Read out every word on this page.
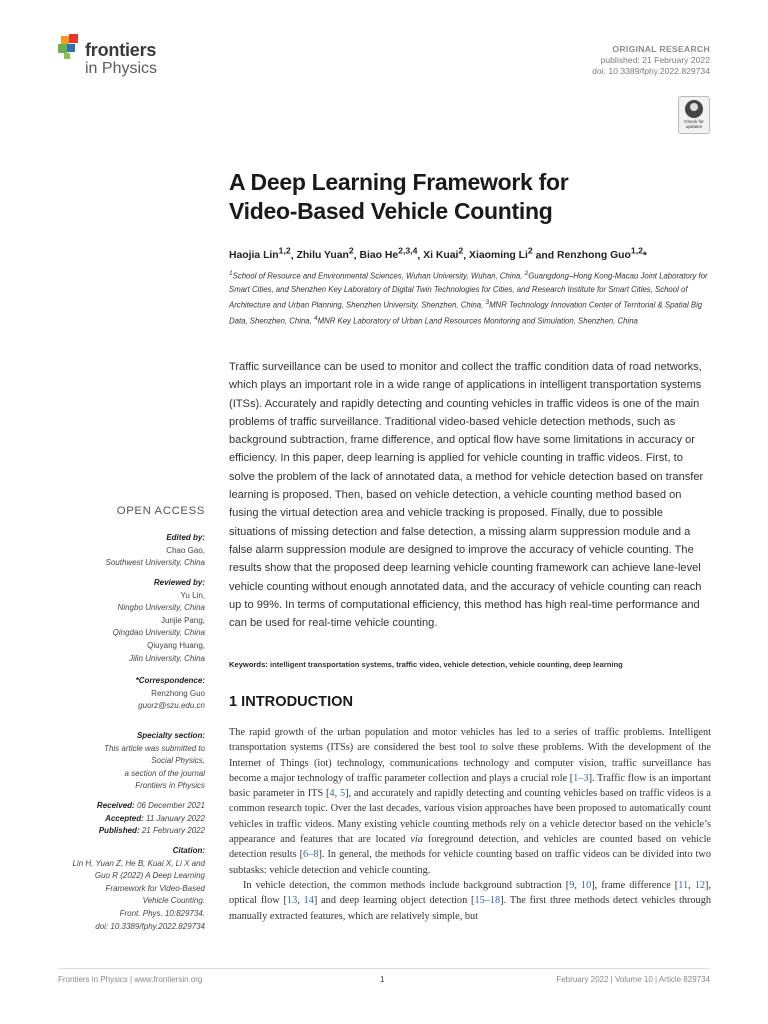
frontiers
in Physics
ORIGINAL RESEARCH
published: 21 February 2022
doi: 10.3389/fphy.2022.829734
Check for
updates
A Deep Learning Framework for
Video-Based Vehicle Counting
Haojia Lin$^{1,2}$, Zhilu Yuan$^2$, Biao He$^{2,3,4}$, Xi Kuai$^2$, Xiaoming Li$^2$ and Renzhong Guo$^{1,2}$*
$^1$School of Resource and Environmental Sciences, Wuhan University, Wuhan, China, $^2$Guangdong–Hong Kong-Macau Joint Laboratory for Smart Cities, and Shenzhen Key Laboratory of Digital Twin Technologies for Cities, and Research Institute for Smart Cities, School of Architecture and Urban Planning, Shenzhen University, Shenzhen, China, $^3$MNR Technology Innovation Center of Territorial & Spatial Big Data, Shenzhen, China, $^4$MNR Key Laboratory of Urban Land Resources Monitoring and Simulation, Shenzhen, China
Traffic surveillance can be used to monitor and collect the traffic condition data of road networks, which plays an important role in a wide range of applications in intelligent transportation systems (ITSs). Accurately and rapidly detecting and counting vehicles in traffic videos is one of the main problems of traffic surveillance. Traditional video-based vehicle detection methods, such as background subtraction, frame difference, and optical flow have some limitations in accuracy or efficiency. In this paper, deep learning is applied for vehicle counting in traffic videos. First, to solve the problem of the lack of annotated data, a method for vehicle detection based on transfer learning is proposed. Then, based on vehicle detection, a vehicle counting method based on fusing the virtual detection area and vehicle tracking is proposed. Finally, due to possible situations of missing detection and false detection, a missing alarm suppression module and a false alarm suppression module are designed to improve the accuracy of vehicle counting. The results show that the proposed deep learning vehicle counting framework can achieve lane-level vehicle counting without enough annotated data, and the accuracy of vehicle counting can reach up to 99%. In terms of computational efficiency, this method has high real-time performance and can be used for real-time vehicle counting.
Keywords: intelligent transportation systems, traffic video, vehicle detection, vehicle counting, deep learning
1 INTRODUCTION

The rapid growth of the urban population and motor vehicles has led to a series of traffic problems. Intelligent transportation systems (ITSs) are considered the best tool to solve these problems. With the development of the Internet of Things (iot) technology, communications technology and computer vision, traffic surveillance has become a major technology of traffic parameter collection and plays a crucial role [1–3]. Traffic flow is an important basic parameter in ITS [4, 5], and accurately and rapidly detecting and counting vehicles based on traffic videos is a common research topic. Over the last decades, various vision approaches have been proposed to automatically count vehicles in traffic videos. Many existing vehicle counting methods rely on a vehicle detector based on the vehicle’s appearance and features that are located via foreground detection, and vehicles are counted based on vehicle detection results [6–8]. In general, the methods for vehicle counting based on traffic videos can be divided into two subtasks: vehicle detection and vehicle counting.

In vehicle detection, the common methods include background subtraction [9, 10], frame difference [11, 12], optical flow [13, 14] and deep learning object detection [15–18]. The first three methods detect vehicles through manually extracted features, which are relatively simple, but

OPEN ACCESS
Edited by:
Chao Gao,
Southwest University, China
Reviewed by:
Yu Lin,
Ningbo University, China
Junjie Pang,
Qingdao University, China
Qiuyang Huang,
Jilin University, China
*Correspondence:
Renzhong Guo
guorz@szu.edu.cn
Specialty section:
This article was submitted to
Social Physics,
a section of the journal
Frontiers in Physics
Received: 06 December 2021
Accepted: 11 January 2022
Published: 21 February 2022
Citation:
Lin H, Yuan Z, He B, Kuai X, Li X and
Guo R (2022) A Deep Learning
Framework for Video-Based
Vehicle Counting.
Front. Phys. 10:829734.
doi: 10.3389/fphy.2022.829734
Frontiers in Physics | www.frontiersin.org	1	February 2022 | Volume 10 | Article 829734
